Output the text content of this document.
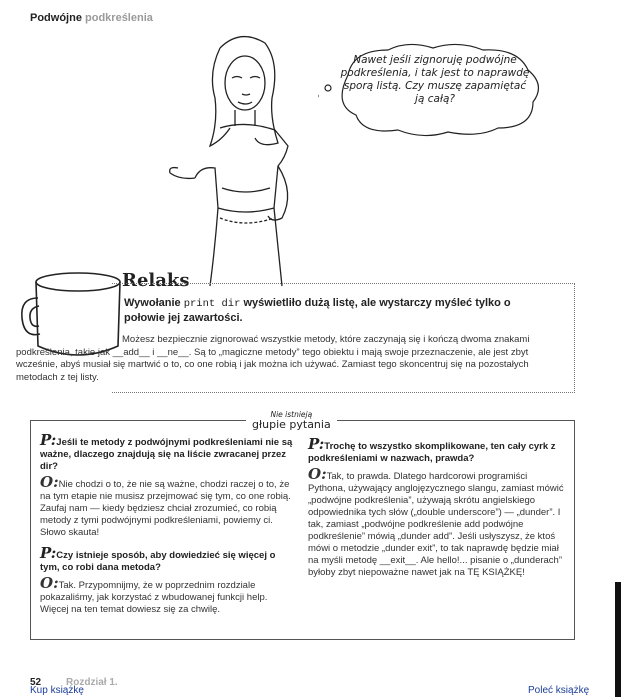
Podwójne podkreślenia
Nawet jeśli zignoruję podwójne podkreślenia, i tak jest to naprawdę sporą listą. Czy muszę zapamiętać ją całą?
Relaks
Wywołanie print dir wyświetliło dużą listę, ale wystarczy myśleć tylko o połowie jej zawartości.
Możesz bezpiecznie zignorować wszystkie metody, które zaczynają się i kończą dwoma znakami podkreślenia, takie jak __add__ i __ne__. Są to „magiczne metody” tego obiektu i mają swoje przeznaczenie, ale jest zbyt wcześnie, abyś musiał się martwić o to, co one robią i jak można ich używać. Zamiast tego skoncentruj się na pozostałych metodach z tej listy.
Nie istnieją
głupie pytania
P:Jeśli te metody z podwójnymi podkreśleniami nie są ważne, dlaczego znajdują się na liście zwracanej przez dir?
O:Nie chodzi o to, że nie są ważne, chodzi raczej o to, że na tym etapie nie musisz przejmować się tym, co one robią. Zaufaj nam — kiedy będziesz chciał zrozumieć, co robią metody z tymi podwójnymi podkreśleniami, powiemy ci. Słowo skauta!
P:Czy istnieje sposób, aby dowiedzieć się więcej o tym, co robi dana metoda?
O:Tak. Przypomnijmy, że w poprzednim rozdziale pokazaliśmy, jak korzystać z wbudowanej funkcji help. Więcej na ten temat dowiesz się za chwilę.
P:Trochę to wszystko skomplikowane, ten cały cyrk z podkreśleniami w nazwach, prawda?
O:Tak, to prawda. Dlatego hardcorowi programiści Pythona, używający anglojęzycznego slangu, zamiast mówić „podwójne podkreślenia”, używają skrótu angielskiego odpowiednika tych słów („double underscore”) — „dunder”. I tak, zamiast „podwójne podkreślenie add podwójne podkreślenie” mówią „dunder add”. Jeśli usłyszysz, że ktoś mówi o metodzie „dunder exit”, to tak naprawdę będzie miał na myśli metodę __exit__. Ale hello!... pisanie o „dunderach” byłoby zbyt niepoważne nawet jak na TĘ KSIĄŻKĘ!
52 Rozdział 1.
Kup książkę	Poleć książkę
